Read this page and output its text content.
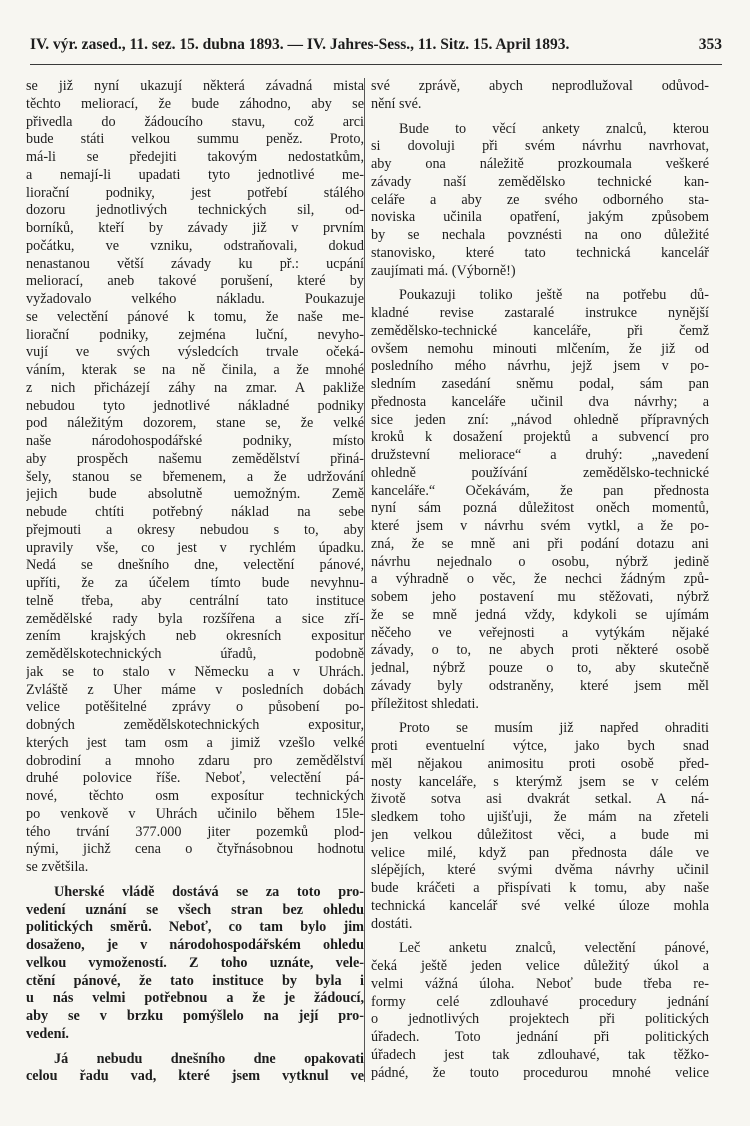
IV. výr. zased., 11. sez. 15. dubna 1893. — IV. Jahres-Sess., 11. Sitz. 15. April 1893.	353
se již nyní ukazují některá závadná mista
těchto meliorací, že bude záhodno, aby se
přivedla do žádoucího stavu, což arci
bude státi velkou summu peněz. Proto,
má-li se předejiti takovým nedostatkům,
a nemají-li upadati tyto jednotlivé me-
liorační podniky, jest potřebí stálého
dozoru jednotlivých technických sil, od-
borníků, kteří by závady již v prvním
počátku, ve vzniku, odstraňovali, dokud
nenastanou větší závady ku př.: ucpání
meliorací, aneb takové porušení, které by
vyžadovalo velkého nákladu. Poukazuje
se velectění pánové k tomu, že naše me-
liorační podniky, zejména luční, nevyho-
vují ve svých výsledcích trvale očeká-
váním, kterak se na ně činila, a že mnohé
z nich přicházejí záhy na zmar. A pakliže
nebudou tyto jednotlivé nákladné podniky
pod náležitým dozorem, stane se, že velké
naše národohospodářské podniky, místo
aby prospěch našemu zemědělství přiná-
šely, stanou se břemenem, a že udržování
jejich bude absolutně uemožným. Země
nebude chtíti potřebný náklad na sebe
přejmouti a okresy nebudou s to, aby
upravily vše, co jest v rychlém úpadku.
Nedá se dnešního dne, velectění pánové,
upříti, že za účelem tímto bude nevyhnu-
telně třeba, aby centrální tato instituce
zemědělské rady byla rozšířena a sice zří-
zením krajských neb okresních expositur
zemědělskotechnických úřadů, podobně
jak se to stalo v Německu a v Uhrách.
Zvláště z Uher máme v posledních dobách
velice potěšitelné zprávy o působení po-
dobných zemědělskotechnických expositur,
kterých jest tam osm a jimiž vzešlo velké
dobrodiní a mnoho zdaru pro zemědělství
druhé polovice říše. Neboť, velectění pá-
nové, těchto osm exposítur technických
po venkově v Uhrách učinilo během 15le-
tého trvání 377.000 jiter pozemků plod-
nými, jichž cena o čtyřnásobnou hodnotu
se zvětšila.
Uherské vládě dostává se za toto pro-
vedení uznání se všech stran bez ohledu
politických směrů. Neboť, co tam bylo jim
dosaženo, je v národohospodářském ohledu
velkou vymožeností. Z toho uznáte, vele-
ctění pánové, že tato instituce by byla i
u nás velmi potřebnou a že je žádoucí,
aby se v brzku pomýšlelo na její pro-
vedení.
Já nebudu dnešního dne opakovati
celou řadu vad, které jsem vytknul ve
své zprávě, abych neprodlužoval odůvod-
nění své.
Bude to věcí ankety znalců, kterou
si dovoluji při svém návrhu navrhovat,
aby ona náležitě prozkoumala veškeré
závady naší zemědělsko technické kan-
celáře a aby ze svého odborného sta-
noviska učinila opatření, jakým způsobem
by se nechala povznésti na ono důležité
stanovisko, které tato technická kancelář
zaujímati má. (Výborně!)
Poukazuji toliko ještě na potřebu dů-
kladné revise zastaralé instrukce nynější
zemědělsko-technické kanceláře, při čemž
ovšem nemohu minouti mlčením, že již od
posledního mého návrhu, jejž jsem v po-
sledním zasedání sněmu podal, sám pan
přednosta kanceláře učinil dva návrhy; a
sice jeden zní: „návod ohledně přípravných
kroků k dosažení projektů a subvencí pro
družstevní meliorace“ a druhý: „navedení
ohledně používání zemědělsko-technické
kanceláře.“ Očekávám, že pan přednosta
nyní sám pozná důležitost oněch momentů,
které jsem v návrhu svém vytkl, a že po-
zná, že se mně ani při podání dotazu ani
návrhu nejednalo o osobu, nýbrž jedině
a výhradně o věc, že nechci žádným způ-
sobem jeho postavení mu stěžovati, nýbrž
že se mně jedná vždy, kdykoli se ujímám
něčeho ve veřejnosti a vytýkám nějaké
závady, o to, ne abych proti některé osobě
jednal, nýbrž pouze o to, aby skutečně
závady byly odstraněny, které jsem měl
příležitost shledati.
Proto se musím již napřed ohraditi
proti eventuelní výtce, jako bych snad
měl nějakou animositu proti osobě před-
nosty kanceláře, s kterýmž jsem se v celém
životě sotva asi dvakrát setkal. A ná-
sledkem toho ujišťuji, že mám na zřeteli
jen velkou důležitost věci, a bude mi
velice milé, když pan přednosta dále ve
slépějích, které svými dvěma návrhy učinil
bude kráčeti a přispívati k tomu, aby naše
technická kancelář své velké úloze mohla
dostáti.
Leč anketu znalců, velectění pánové,
čeká ještě jeden velice důležitý úkol a
velmi vážná úloha. Neboť bude třeba re-
formy celé zdlouhavé procedury jednání
o jednotlivých projektech při politických
úřadech. Toto jednání při politických
úřadech jest tak zdlouhavé, tak těžko-
pádné, že touto procedurou mnohé velice
